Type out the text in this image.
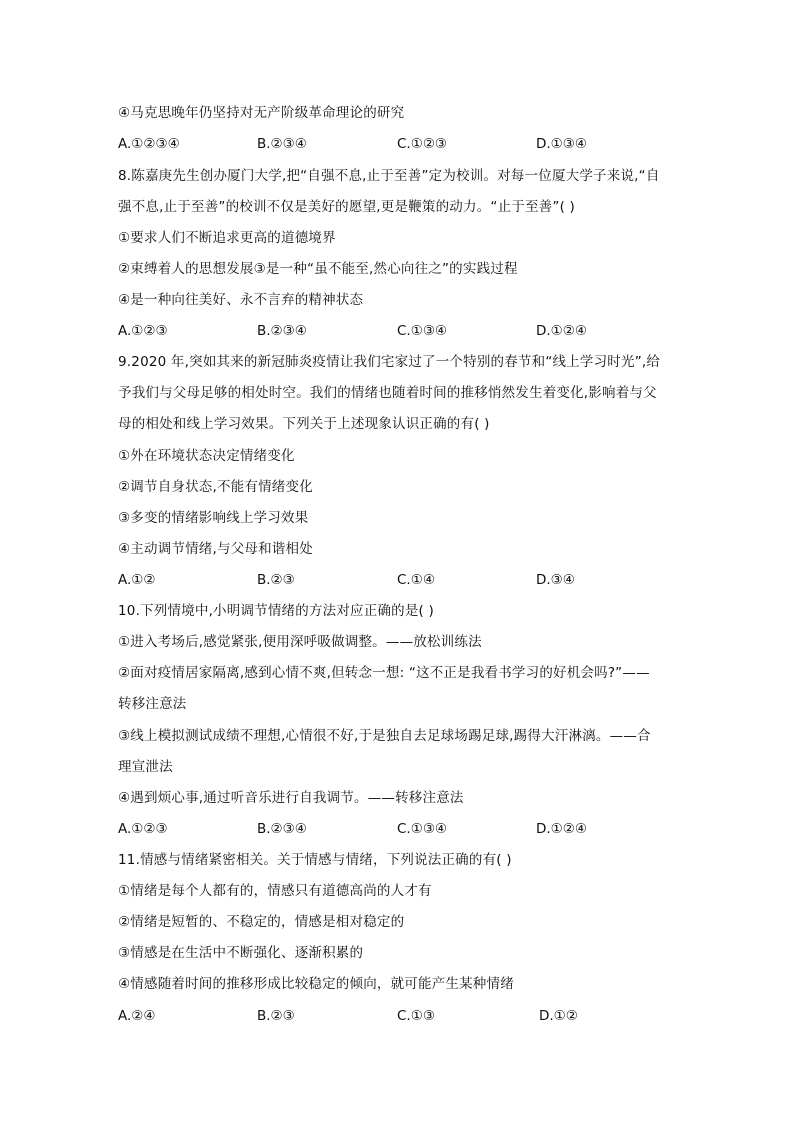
④马克思晚年仍坚持对无产阶级革命理论的研究
A.①②③④	B.②③④	C.①②③	D.①③④
8.陈嘉庚先生创办厦门大学,把“自强不息,止于至善”定为校训。对每一位厦大学子来说,“自
强不息,止于至善”的校训不仅是美好的愿望,更是鞭策的动力。“止于至善”( )
①要求人们不断追求更高的道德境界
②束缚着人的思想发展③是一种“虽不能至,然心向往之”的实践过程
④是一种向往美好、永不言弃的精神状态
A.①②③	B.②③④	C.①③④	D.①②④
9.2020 年,突如其来的新冠肺炎疫情让我们宅家过了一个特别的春节和“线上学习时光”,给
予我们与父母足够的相处时空。我们的情绪也随着时间的推移悄然发生着变化,影响着与父
母的相处和线上学习效果。下列关于上述现象认识正确的有( )
①外在环境状态决定情绪变化
②调节自身状态,不能有情绪变化
③多变的情绪影响线上学习效果
④主动调节情绪,与父母和谐相处
A.①②	B.②③	C.①④	D.③④
10.下列情境中,小明调节情绪的方法对应正确的是( )
①进入考场后,感觉紧张,便用深呼吸做调整。——放松训练法
②面对疫情居家隔离,感到心情不爽,但转念一想: “这不正是我看书学习的好机会吗?”——
转移注意法
③线上模拟测试成绩不理想,心情很不好,于是独自去足球场踢足球,踢得大汗淋漓。——合
理宣泄法
④遇到烦心事,通过听音乐进行自我调节。——转移注意法
A.①②③	B.②③④	C.①③④	D.①②④
11.情感与情绪紧密相关。关于情感与情绪，下列说法正确的有( )
①情绪是每个人都有的，情感只有道德高尚的人才有
②情绪是短暂的、不稳定的，情感是相对稳定的
③情感是在生活中不断强化、逐渐积累的
④情感随着时间的推移形成比较稳定的倾向，就可能产生某种情绪
A.②④	B.②③	C.①③	D.①②
